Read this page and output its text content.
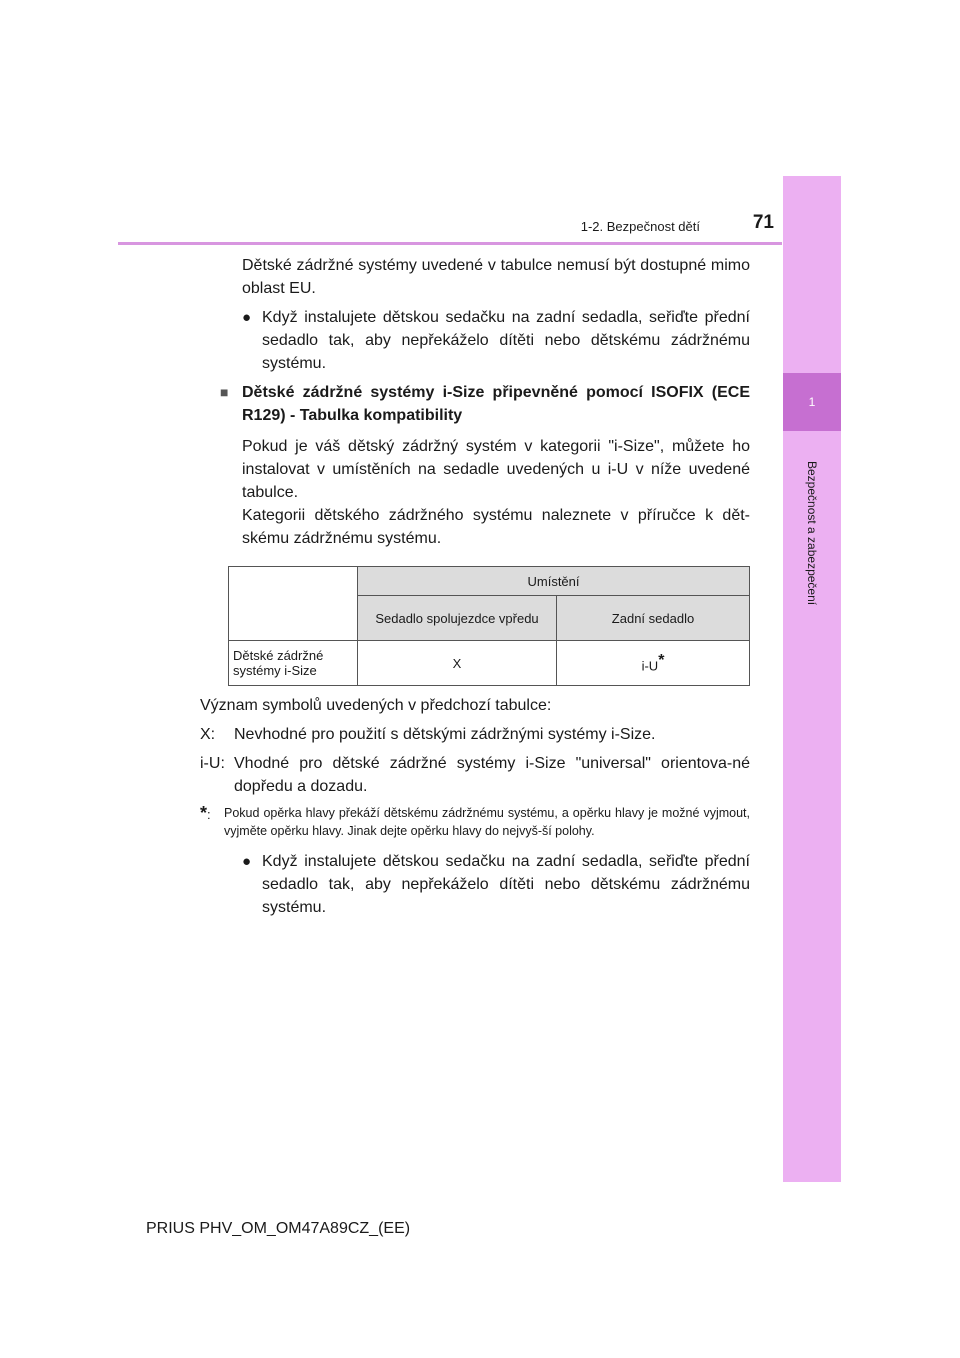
1
Bezpečnost a zabezpečení
1-2. Bezpečnost dětí	71

Dětské zádržné systémy uvedené v tabulce nemusí být dostupné mimo oblast EU.

● Když instalujete dětskou sedačku na zadní sedadla, seřiďte přední sedadlo tak, aby nepřekáželo dítěti nebo dětskému zádržnému systému.
■ Dětské zádržné systémy i-Size připevněné pomocí ISOFIX (ECE R129) - Tabulka kompatibility

Pokud je váš dětský zádržný systém v kategorii "i-Size", můžete ho instalovat v umístěních na sedadle uvedených u i-U v níže uvedené tabulce.

Kategorii dětského zádržného systému naleznete v příručce k dět-skému zádržnému systému.

	Umístění	
	Sedadlo spolujezdce vpředu	Zadní sedadlo
Dětské zádržné systémy i-Size	X	i-U*

Význam symbolů uvedených v předchozí tabulce:

X:	Nevhodné pro použití s dětskými zádržnými systémy i-Size.
i-U: Vhodné pro dětské zádržné systémy i-Size "universal" orientova-né dopředu a dozadu.
*:	Pokud opěrka hlavy překáží dětskému zádržnému systému, a opěrku hlavy je možné vyjmout, vyjměte opěrku hlavy. Jinak dejte opěrku hlavy do nejvyš-ší polohy.
● Když instalujete dětskou sedačku na zadní sedadla, seřiďte přední sedadlo tak, aby nepřekáželo dítěti nebo dětskému zádržnému systému.
PRIUS PHV_OM_OM47A89CZ_(EE)
